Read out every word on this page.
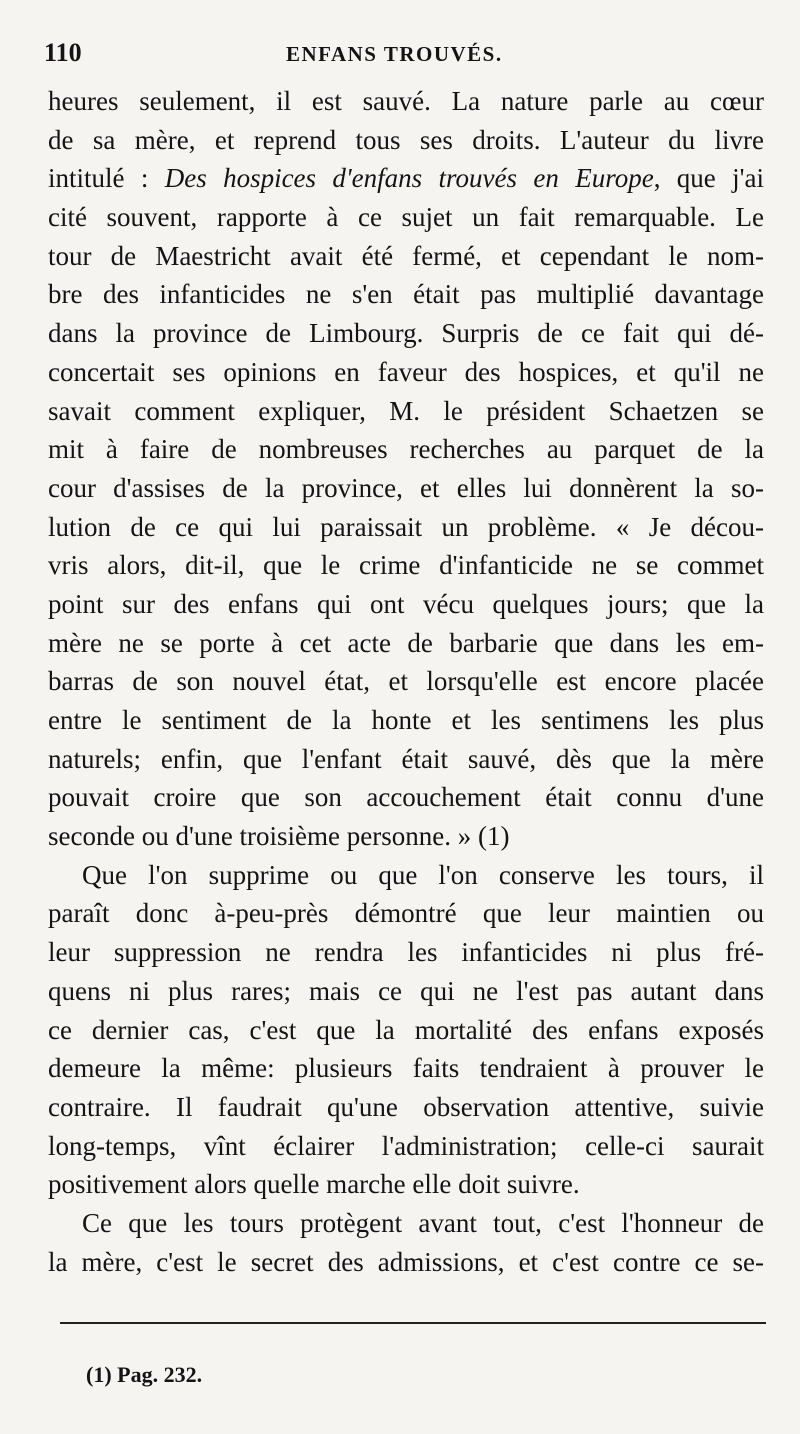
110	ENFANS TROUVÉS.
heures seulement, il est sauvé. La nature parle au cœur
de sa mère, et reprend tous ses droits. L'auteur du livre
intitulé : Des hospices d'enfans trouvés en Europe, que j'ai
cité souvent, rapporte à ce sujet un fait remarquable. Le
tour de Maestricht avait été fermé, et cependant le nom-
bre des infanticides ne s'en était pas multiplié davantage
dans la province de Limbourg. Surpris de ce fait qui dé-
concertait ses opinions en faveur des hospices, et qu'il ne
savait comment expliquer, M. le président Schaetzen se
mit à faire de nombreuses recherches au parquet de la
cour d'assises de la province, et elles lui donnèrent la so-
lution de ce qui lui paraissait un problème. « Je décou-
vris alors, dit-il, que le crime d'infanticide ne se commet
point sur des enfans qui ont vécu quelques jours; que la
mère ne se porte à cet acte de barbarie que dans les em-
barras de son nouvel état, et lorsqu'elle est encore placée
entre le sentiment de la honte et les sentimens les plus
naturels; enfin, que l'enfant était sauvé, dès que la mère
pouvait croire que son accouchement était connu d'une
seconde ou d'une troisième personne. » (1)
Que l'on supprime ou que l'on conserve les tours, il
paraît donc à-peu-près démontré que leur maintien ou
leur suppression ne rendra les infanticides ni plus fré-
quens ni plus rares; mais ce qui ne l'est pas autant dans
ce dernier cas, c'est que la mortalité des enfans exposés
demeure la même: plusieurs faits tendraient à prouver le
contraire. Il faudrait qu'une observation attentive, suivie
long-temps, vînt éclairer l'administration; celle-ci saurait
positivement alors quelle marche elle doit suivre.
Ce que les tours protègent avant tout, c'est l'honneur de
la mère, c'est le secret des admissions, et c'est contre ce se-
(1) Pag. 232.
